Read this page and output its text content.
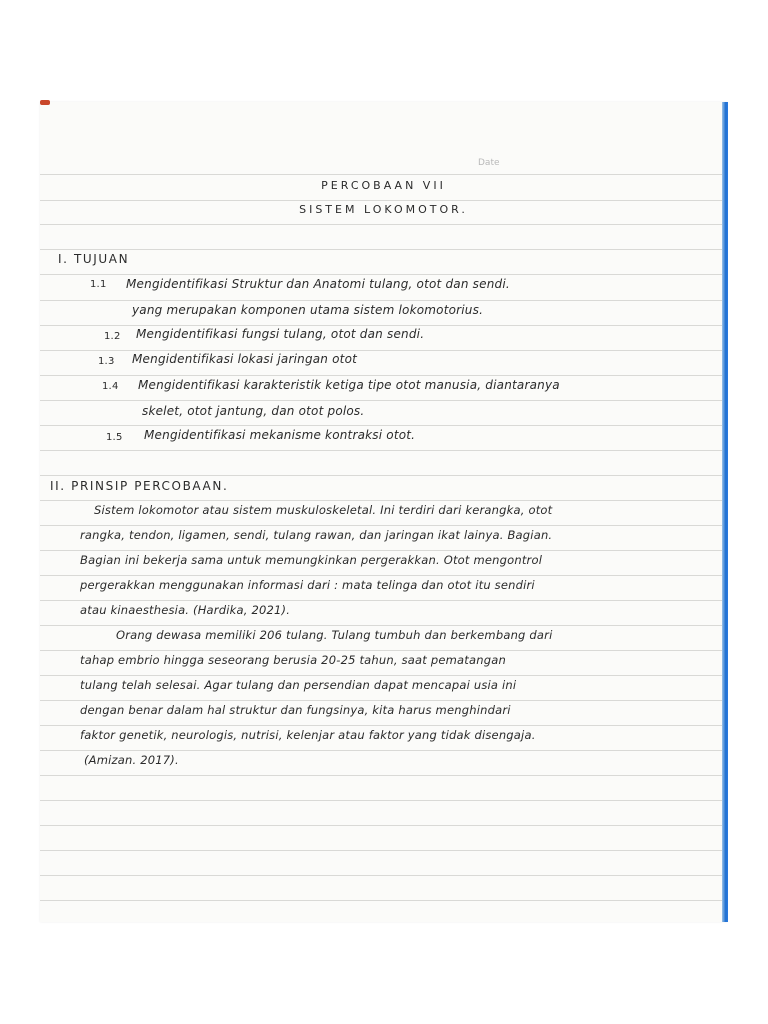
Date
PERCOBAAN VII
SISTEM LOKOMOTOR.
I. TUJUAN
1.1 Mengidentifikasi Struktur dan Anatomi tulang, otot dan sendi.
yang merupakan komponen utama sistem lokomotorius.
1.2 Mengidentifikasi fungsi tulang, otot dan sendi.
1.3 Mengidentifikasi lokasi jaringan otot
1.4 Mengidentifikasi karakteristik ketiga tipe otot manusia, diantaranya
skelet, otot jantung, dan otot polos.
1.5 Mengidentifikasi mekanisme kontraksi otot.
II. PRINSIP PERCOBAAN.
Sistem lokomotor atau sistem muskuloskeletal. Ini terdiri dari kerangka, otot
rangka, tendon, ligamen, sendi, tulang rawan, dan jaringan ikat lainya. Bagian.
Bagian ini bekerja sama untuk memungkinkan pergerakkan. Otot mengontrol
pergerakkan menggunakan informasi dari : mata telinga dan otot itu sendiri
atau kinaesthesia. (Hardika, 2021).
Orang dewasa memiliki 206 tulang. Tulang tumbuh dan berkembang dari
tahap embrio hingga seseorang berusia 20-25 tahun, saat pematangan
tulang telah selesai. Agar tulang dan persendian dapat mencapai usia ini
dengan benar dalam hal struktur dan fungsinya, kita harus menghindari
faktor genetik, neurologis, nutrisi, kelenjar atau faktor yang tidak disengaja.
(Amizan. 2017).
